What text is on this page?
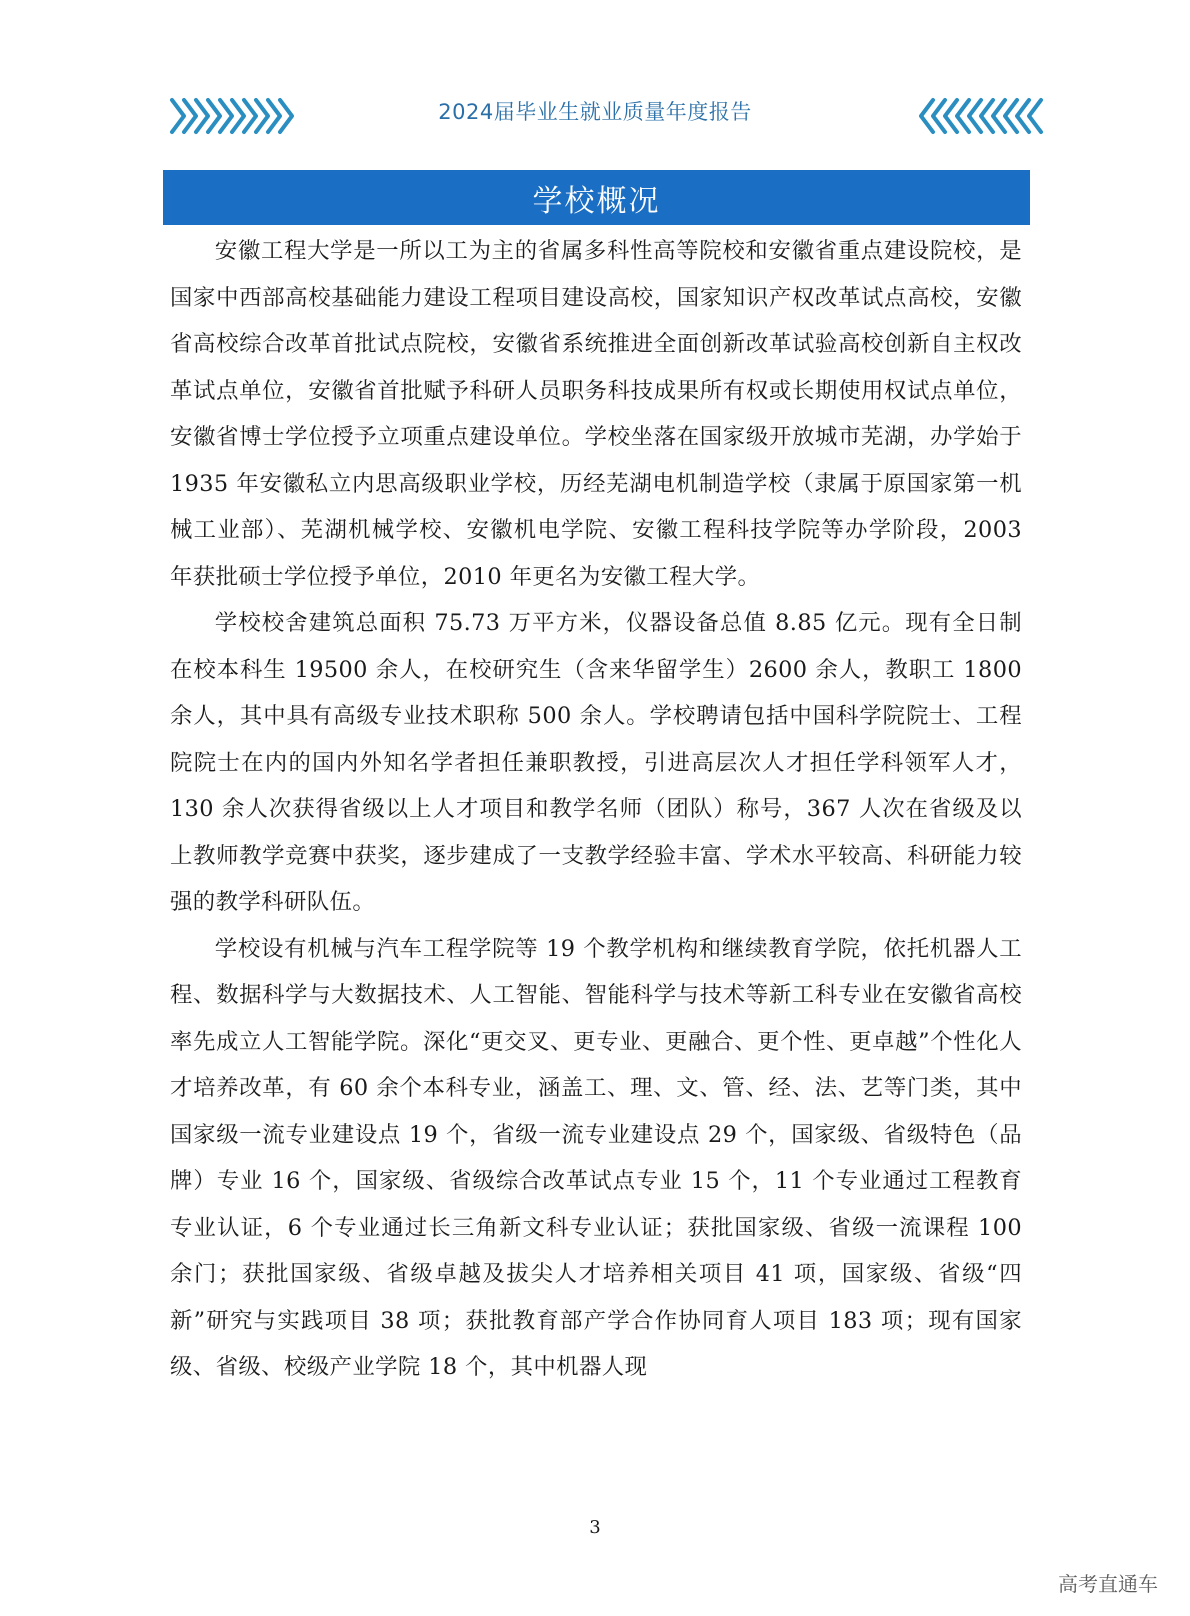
2024届毕业生就业质量年度报告
学校概况

安徽工程大学是一所以工为主的省属多科性高等院校和安徽省重点建设院校，是国家中西部高校基础能力建设工程项目建设高校，国家知识产权改革试点高校，安徽省高校综合改革首批试点院校，安徽省系统推进全面创新改革试验高校创新自主权改革试点单位，安徽省首批赋予科研人员职务科技成果所有权或长期使用权试点单位，安徽省博士学位授予立项重点建设单位。学校坐落在国家级开放城市芜湖，办学始于 1935 年安徽私立内思高级职业学校，历经芜湖电机制造学校（隶属于原国家第一机械工业部）、芜湖机械学校、安徽机电学院、安徽工程科技学院等办学阶段，2003 年获批硕士学位授予单位，2010 年更名为安徽工程大学。

学校校舍建筑总面积 75.73 万平方米，仪器设备总值 8.85 亿元。现有全日制在校本科生 19500 余人，在校研究生（含来华留学生）2600 余人，教职工 1800 余人，其中具有高级专业技术职称 500 余人。学校聘请包括中国科学院院士、工程院院士在内的国内外知名学者担任兼职教授，引进高层次人才担任学科领军人才，130 余人次获得省级以上人才项目和教学名师（团队）称号，367 人次在省级及以上教师教学竞赛中获奖，逐步建成了一支教学经验丰富、学术水平较高、科研能力较强的教学科研队伍。

学校设有机械与汽车工程学院等 19 个教学机构和继续教育学院，依托机器人工程、数据科学与大数据技术、人工智能、智能科学与技术等新工科专业在安徽省高校率先成立人工智能学院。深化“更交叉、更专业、更融合、更个性、更卓越”个性化人才培养改革，有 60 余个本科专业，涵盖工、理、文、管、经、法、艺等门类，其中国家级一流专业建设点 19 个，省级一流专业建设点 29 个，国家级、省级特色（品牌）专业 16 个，国家级、省级综合改革试点专业 15 个，11 个专业通过工程教育专业认证，6 个专业通过长三角新文科专业认证；获批国家级、省级一流课程 100 余门；获批国家级、省级卓越及拔尖人才培养相关项目 41 项，国家级、省级“四新”研究与实践项目 38 项；获批教育部产学合作协同育人项目 183 项；现有国家级、省级、校级产业学院 18 个，其中机器人现

3
高考直通车
